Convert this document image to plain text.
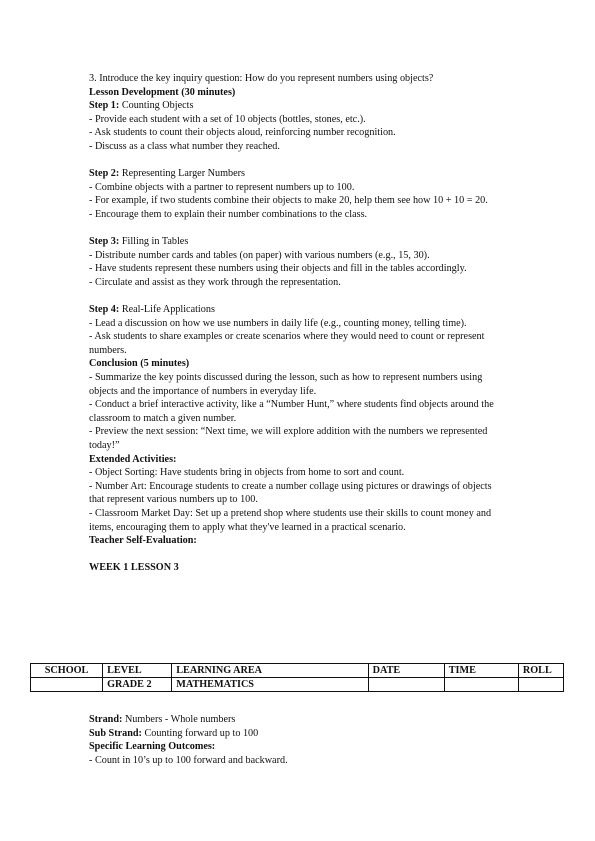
3. Introduce the key inquiry question: How do you represent numbers using objects?

Lesson Development (30 minutes)

Step 1: Counting Objects

- Provide each student with a set of 10 objects (bottles, stones, etc.).

- Ask students to count their objects aloud, reinforcing number recognition.

- Discuss as a class what number they reached.

Step 2: Representing Larger Numbers

- Combine objects with a partner to represent numbers up to 100.

- For example, if two students combine their objects to make 20, help them see how 10 + 10 = 20.

- Encourage them to explain their number combinations to the class.

Step 3: Filling in Tables

- Distribute number cards and tables (on paper) with various numbers (e.g., 15, 30).

- Have students represent these numbers using their objects and fill in the tables accordingly.

- Circulate and assist as they work through the representation.

Step 4: Real-Life Applications

- Lead a discussion on how we use numbers in daily life (e.g., counting money, telling time).

- Ask students to share examples or create scenarios where they would need to count or represent numbers.

Conclusion (5 minutes)

- Summarize the key points discussed during the lesson, such as how to represent numbers using objects and the importance of numbers in everyday life.

- Conduct a brief interactive activity, like a “Number Hunt,” where students find objects around the classroom to match a given number.

- Preview the next session: “Next time, we will explore addition with the numbers we represented today!”

Extended Activities:

- Object Sorting: Have students bring in objects from home to sort and count.

- Number Art: Encourage students to create a number collage using pictures or drawings of objects that represent various numbers up to 100.

- Classroom Market Day: Set up a pretend shop where students use their skills to count money and items, encouraging them to apply what they've learned in a practical scenario.

Teacher Self-Evaluation:

WEEK 1 LESSON 3

SCHOOL	LEVEL	LEARNING AREA	DATE	TIME	ROLL
	GRADE 2	MATHEMATICS			

Strand: Numbers - Whole numbers

Sub Strand: Counting forward up to 100

Specific Learning Outcomes:

- Count in 10’s up to 100 forward and backward.
